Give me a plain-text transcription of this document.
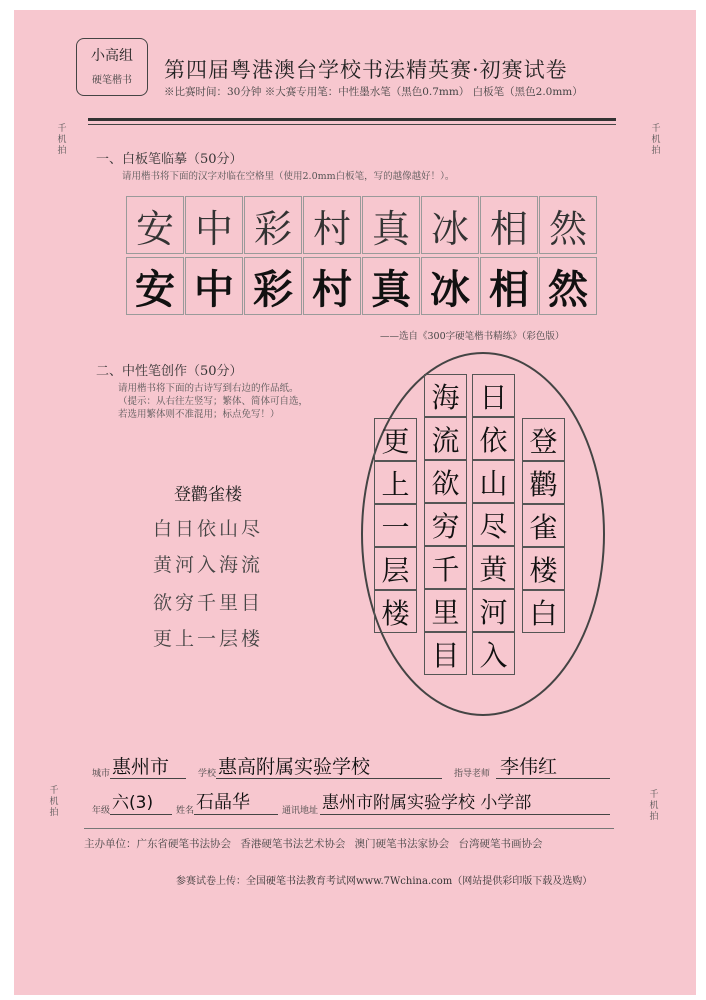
小高组
硬笔楷书	第四届粤港澳台学校书法精英赛·初赛试卷
※比赛时间：30分钟 ※大赛专用笔：中性墨水笔（黑色0.7mm） 白板笔（黑色2.0mm）
千机拍
千机拍
千机拍
千机拍
一、白板笔临摹（50分）
请用楷书将下面的汉字对临在空格里（使用2.0mm白板笔，写的越像越好！）。
安 中 彩 村 真 冰 相 然
安 中 彩 村 真 冰 相 然
——选自《300字硬笔楷书精练》（彩色版）
二、中性笔创作（50分）
请用楷书将下面的古诗写到右边的作品纸。
（提示：从右往左竖写；繁体、简体可自选，
若选用繁体则不准混用；标点免写！）
登鹳雀楼
白日依山尽
黄河入海流
欲穷千里目
更上一层楼
登
鹳
雀
楼
白
日
依
山
尽
黄
河
入
海
流
欲
穷
千
里
目
更
上
一
层
楼
城市 惠州市	学校 惠高附属实验学校	指导老师 李伟红
年级 六(3)	姓名 石晶华	通讯地址 惠州市附属实验学校 小学部
主办单位：广东省硬笔书法协会 香港硬笔书法艺术协会 澳门硬笔书法家协会 台湾硬笔书画协会
参赛试卷上传：全国硬笔书法教育考试网www.7Wchina.com（网站提供彩印版下载及选购）
